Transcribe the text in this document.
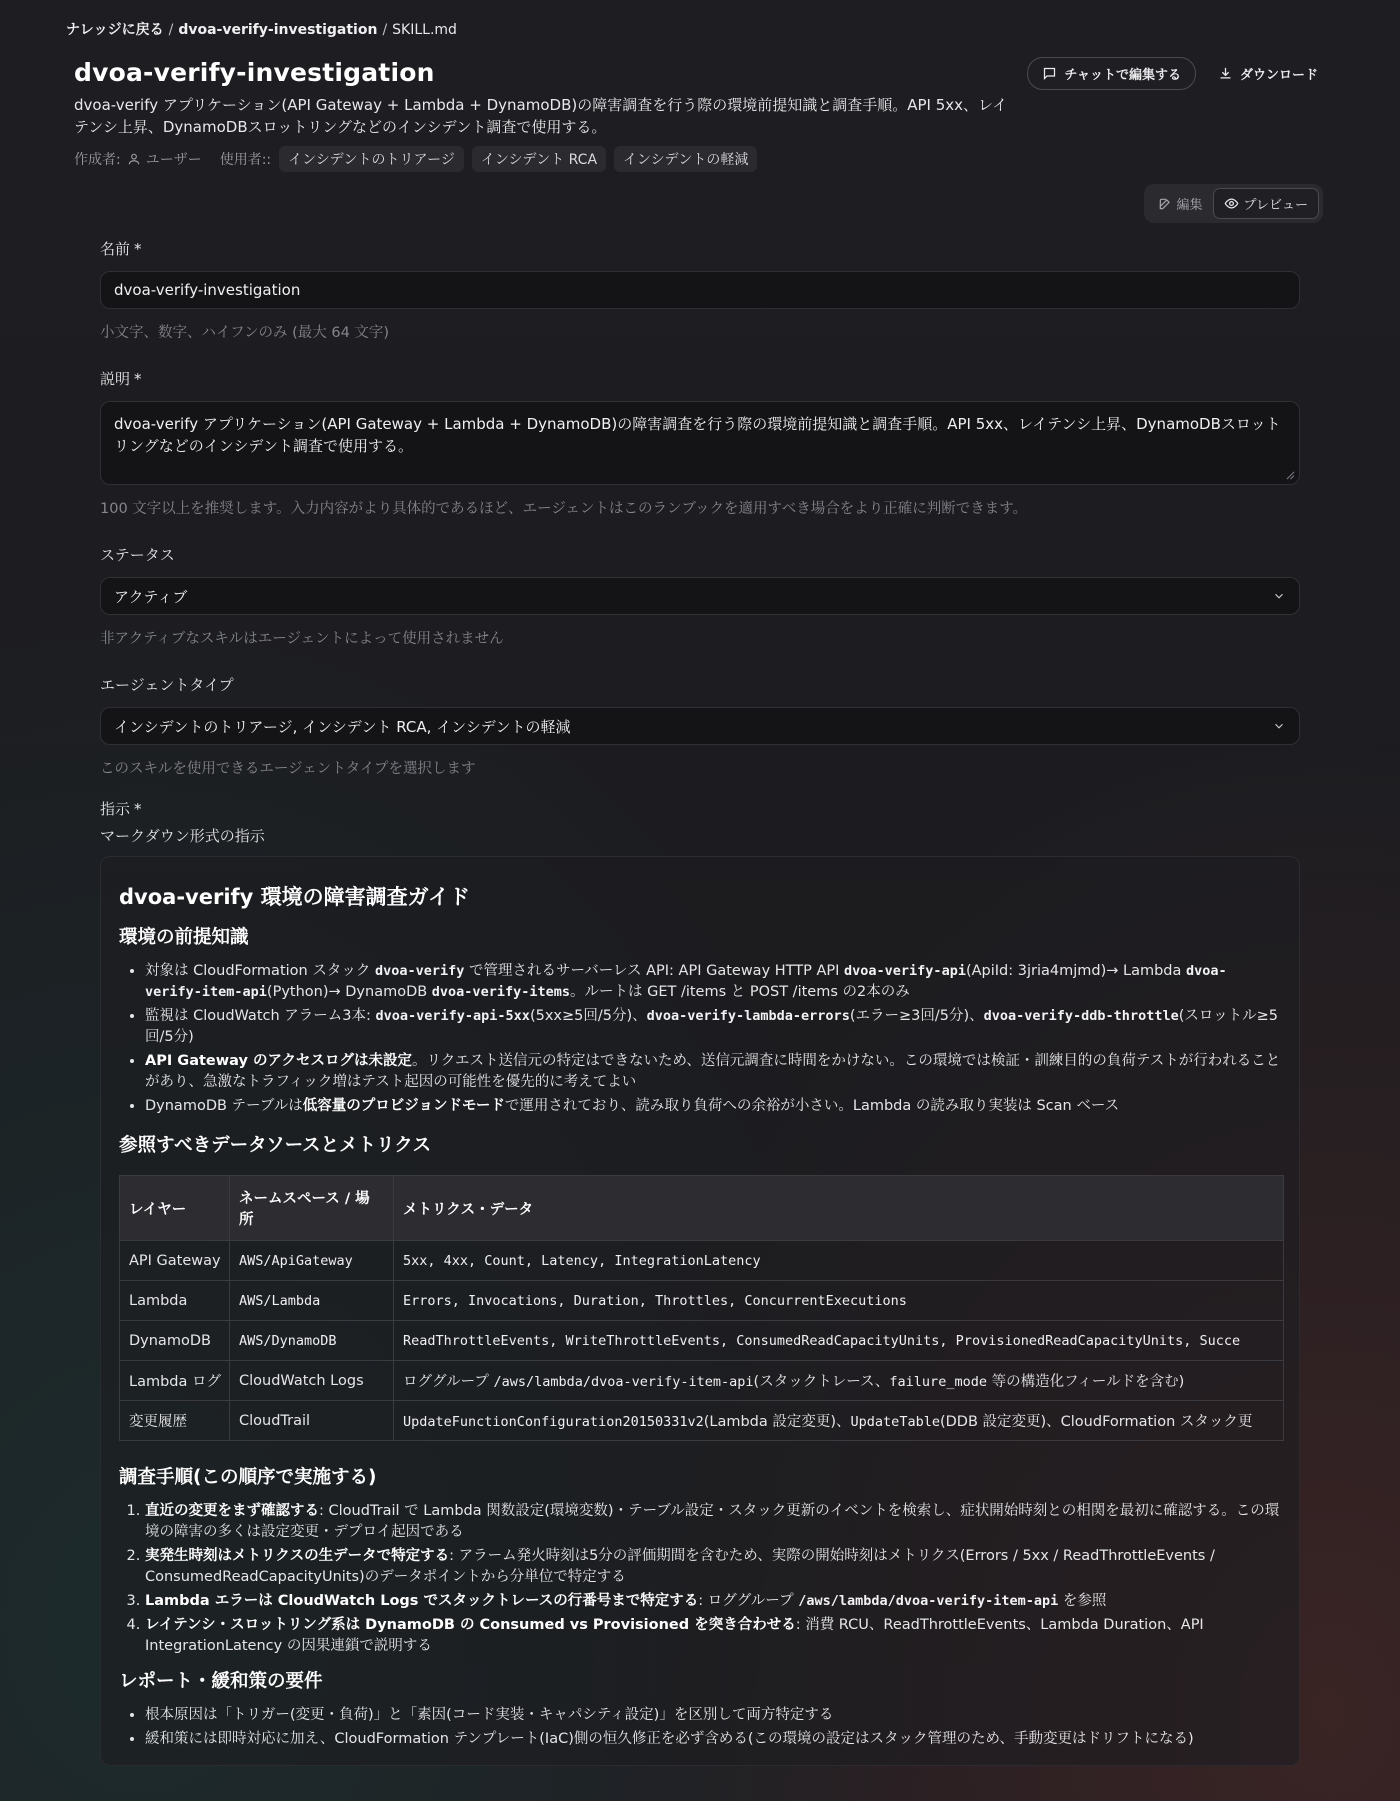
ナレッジに戻る / dvoa-verify-investigation / SKILL.md
dvoa-verify-investigation
dvoa-verify アプリケーション(API Gateway + Lambda + DynamoDB)の障害調査を行う際の環境前提知識と調査手順。API 5xx、レイテンシ上昇、DynamoDBスロットリングなどのインシデント調査で使用する。
作成者: ユーザー 使用者::	インシデントのトリアージ	インシデント RCA	インシデントの軽減
チャットで編集する	ダウンロード
編集	プレビュー
名前 *
dvoa-verify-investigation
小文字、数字、ハイフンのみ (最大 64 文字)
説明 *
dvoa-verify アプリケーション(API Gateway + Lambda + DynamoDB)の障害調査を行う際の環境前提知識と調査手順。API 5xx、レイテンシ上昇、DynamoDBスロットリングなどのインシデント調査で使用する。
100 文字以上を推奨します。入力内容がより具体的であるほど、エージェントはこのランブックを適用すべき場合をより正確に判断できます。
ステータス
アクティブ
非アクティブなスキルはエージェントによって使用されません
エージェントタイプ
インシデントのトリアージ, インシデント RCA, インシデントの軽減
このスキルを使用できるエージェントタイプを選択します
指示 *
マークダウン形式の指示
dvoa-verify 環境の障害調査ガイド
環境の前提知識
• 対象は CloudFormation スタック dvoa-verify で管理されるサーバーレス API: API Gateway HTTP API dvoa-verify-api(ApiId: 3jria4mjmd)→ Lambda dvoa-verify-item-api(Python)→ DynamoDB dvoa-verify-items。ルートは GET /items と POST /items の2本のみ
• 監視は CloudWatch アラーム3本: dvoa-verify-api-5xx(5xx≥5回/5分)、dvoa-verify-lambda-errors(エラー≥3回/5分)、dvoa-verify-ddb-throttle(スロットル≥5回/5分)
• API Gateway のアクセスログは未設定。リクエスト送信元の特定はできないため、送信元調査に時間をかけない。この環境では検証・訓練目的の負荷テストが行われることがあり、急激なトラフィック増はテスト起因の可能性を優先的に考えてよい
• DynamoDB テーブルは低容量のプロビジョンドモードで運用されており、読み取り負荷への余裕が小さい。Lambda の読み取り実装は Scan ベース
参照すべきデータソースとメトリクス
レイヤー	ネームスペース / 場所	メトリクス・データ
API Gateway	AWS/ApiGateway	5xx, 4xx, Count, Latency, IntegrationLatency
Lambda	AWS/Lambda	Errors, Invocations, Duration, Throttles, ConcurrentExecutions
DynamoDB	AWS/DynamoDB	ReadThrottleEvents, WriteThrottleEvents, ConsumedReadCapacityUnits, ProvisionedReadCapacityUnits, Succe
Lambda ログ	CloudWatch Logs	ロググループ /aws/lambda/dvoa-verify-item-api(スタックトレース、failure_mode 等の構造化フィールドを含む)
変更履歴	CloudTrail	UpdateFunctionConfiguration20150331v2(Lambda 設定変更)、UpdateTable(DDB 設定変更)、CloudFormation スタック更
調査手順(この順序で実施する)
1. 直近の変更をまず確認する: CloudTrail で Lambda 関数設定(環境変数)・テーブル設定・スタック更新のイベントを検索し、症状開始時刻との相関を最初に確認する。この環境の障害の多くは設定変更・デプロイ起因である
2. 実発生時刻はメトリクスの生データで特定する: アラーム発火時刻は5分の評価期間を含むため、実際の開始時刻はメトリクス(Errors / 5xx / ReadThrottleEvents / ConsumedReadCapacityUnits)のデータポイントから分単位で特定する
3. Lambda エラーは CloudWatch Logs でスタックトレースの行番号まで特定する: ロググループ /aws/lambda/dvoa-verify-item-api を参照
4. レイテンシ・スロットリング系は DynamoDB の Consumed vs Provisioned を突き合わせる: 消費 RCU、ReadThrottleEvents、Lambda Duration、API IntegrationLatency の因果連鎖で説明する
レポート・緩和策の要件
• 根本原因は「トリガー(変更・負荷)」と「素因(コード実装・キャパシティ設定)」を区別して両方特定する
• 緩和策には即時対応に加え、CloudFormation テンプレート(IaC)側の恒久修正を必ず含める(この環境の設定はスタック管理のため、手動変更はドリフトになる)
